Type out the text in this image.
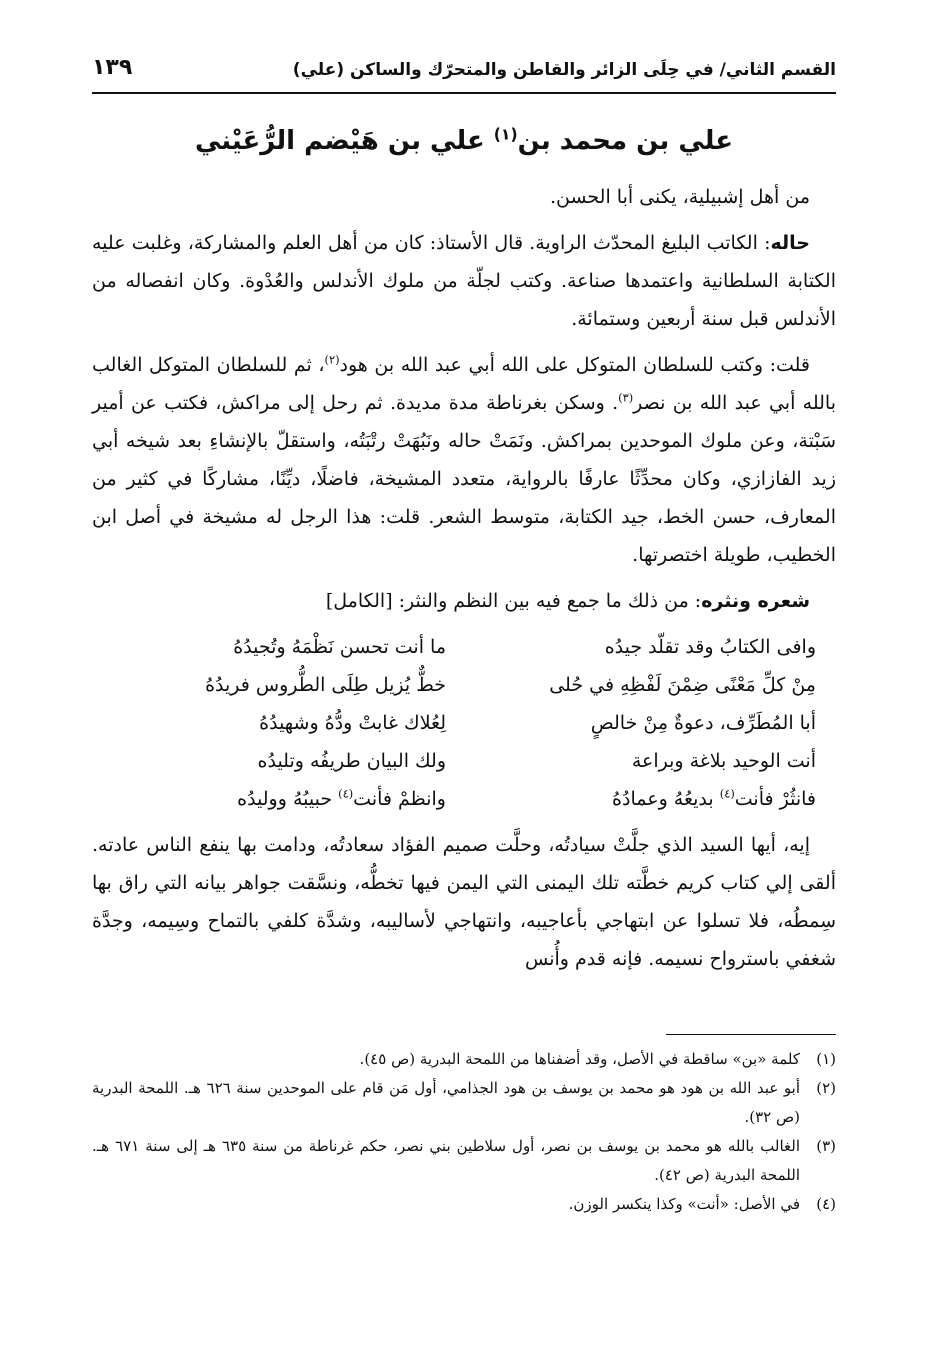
القسم الثاني/ في حِلَى الزائر والقاطن والمتحرّك والساكن (علي)
١٣٩
علي بن محمد بن$^{(١)}$ علي بن هَيْضم الرُّعَيْني

من أهل إشبيلية، يكنى أبا الحسن.

حاله: الكاتب البليغ المحدّث الراوية. قال الأستاذ: كان من أهل العلم والمشاركة، وغلبت عليه الكتابة السلطانية واعتمدها صناعة. وكتب لجلّة من ملوك الأندلس والعُدْوة. وكان انفصاله من الأندلس قبل سنة أربعين وستمائة.

قلت: وكتب للسلطان المتوكل على الله أبي عبد الله بن هود$^{(٢)}$، ثم للسلطان المتوكل الغالب بالله أبي عبد الله بن نصر$^{(٣)}$. وسكن بغرناطة مدة مديدة. ثم رحل إلى مراكش، فكتب عن أمير سَبْتة، وعن ملوك الموحدين بمراكش. ونَمَتْ حاله ونَبُهَتْ رتْبَتُه، واستقلّ بالإنشاءِ بعد شيخه أبي زيد الفازازي، وكان محدِّثًا عارفًا بالرواية، متعدد المشيخة، فاضلًا، ديِّنًا، مشاركًا في كثير من المعارف، حسن الخط، جيد الكتابة، متوسط الشعر. قلت: هذا الرجل له مشيخة في أصل ابن الخطيب، طويلة اختصرتها.

شعره ونثره: من ذلك ما جمع فيه بين النظم والنثر: [الكامل]

وافى الكتابُ وقد تقلّد جيدُه
ما أنت تحسن نَظْمَهُ وتُجيدُهُ
مِنْ كلِّ مَعْنًى ضِمْنَ لَفْظِهِ في حُلى
خطٌّ يُزيل طِلَى الطُّروس فريدُهُ
أبا المُطَرِّف، دعوةٌ مِنْ خالصٍ
لِعُلاك غابتْ ودُّهُ وشهيدُهُ
أنت الوحيد بلاغة وبراعة
ولك البيان طريفُه وتليدُه
فانثُرْ فأنت$^{(٤)}$ بديعُهُ وعمادُهُ
وانظمْ فأنت$^{(٤)}$ حبيبُهُ ووليدُه

إيه، أيها السيد الذي جلَّتْ سيادتُه، وحلَّت صميم الفؤاد سعادتُه، ودامت بها ينفع الناس عادته. ألقى إلي كتاب كريم خطَّته تلك اليمنى التي اليمن فيها تخطُّه، ونسَّقت جواهر بيانه التي راق بها سِمطُه، فلا تسلوا عن ابتهاجي بأعاجيبه، وانتهاجي لأساليبه، وشدَّة كلفي بالتماح وسِيمه، وجدَّة شغفي باسترواح نسيمه. فإنه قدم وأُنس

(١)
كلمة «بن» ساقطة في الأصل، وقد أضفناها من اللمحة البدرية (ص ٤٥).
(٢)
أبو عبد الله بن هود هو محمد بن يوسف بن هود الجذامي، أول مَن قام على الموحدين سنة ٦٢٦ هـ. اللمحة البدرية (ص ٣٢).
(٣)
الغالب بالله هو محمد بن يوسف بن نصر، أول سلاطين بني نصر، حكم غرناطة من سنة ٦٣٥ هـ إلى سنة ٦٧١ هـ. اللمحة البدرية (ص ٤٢).
(٤)
في الأصل: «أنت» وكذا ينكسر الوزن.
